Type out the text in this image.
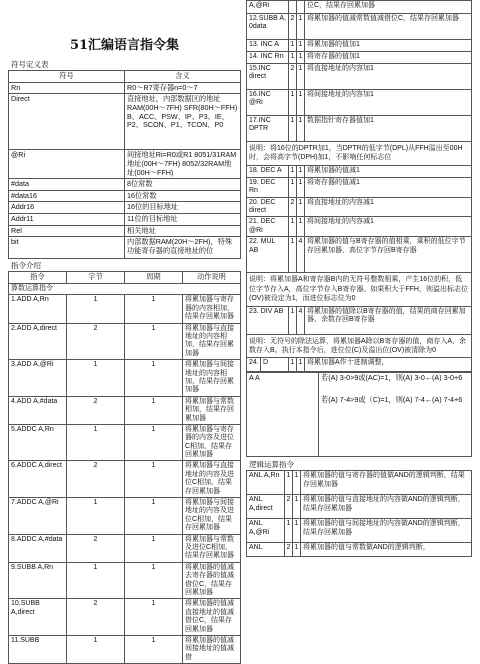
51汇编语言指令集
符号定义表
符号	含义
Rn	R0～R7寄存器n=0～7
Direct	直接地址，内部数据区的地址 RAM(00H～7FH) SFR(80H～FFH) B、ACC、PSW、IP、P3、IE、P2、SCON、P1、TCON、P0
@Ri	间接地址Ri=R0或R1 8051/31RAM地址(00H～7FH) 8052/32RAM地址(00H～FFH)
#data	8位常数
#data16	16位常数
Addr16	16位的目标地址
Addr11	11位的目标地址
Rel	相关地址
bit	内部数据RAM(20H～2FH)，特殊功能寄存器的直接地址的位
指令介绍
指令	字节	周期	动作说明
算数运算指令			
1.ADD A,Rn	1	1	将累加器与寄存器的内容相加，结果存回累加器
2.ADD A,direct	2	1	将累加器与直接地址的内容相加，结果存回累加器
3.ADD A,@Ri	1	1	将累加器与间接地址的内容相加，结果存回累加器
4.ADD A,#data	2	1	将累加器与常数相加，结果存回累加器
5.ADDC A,Rn	1	1	将累加器与寄存器的内容及进位C相加，结果存回累加器
6.ADDC A,direct	2	1	将累加器与直接地址的内容及进位C相加，结果存回累加器
7.ADDC A,@Ri	1	1	将累加器与间接地址的内容及进位C相加，结果存回累加器
8.ADDC A,#data	2	1	将累加器与常数及进位C相加，结果存回累加器
9.SUBB A,Rn	1	1	将累加器的值减去寄存器的值减借位C，结果存回累加器
10.SUBB A,direct	2	1	将累加器的值减直接地址的值减借位C，结果存回累加器
11.SUBB	1	1	将累加器的值减间接地址的值减借
A,@Ri			位C，结果存回累加器
12.SUBB A, 0data	2	1	将累加器的值减常数值减借位C，结果存回累加器
13. INC A	1	1	将累加器的值加1
14. INC Rn	1	1	将寄存器的值加1
15.INC direct	2	1	将直接地址的内容加1
16.INC @Ri	1	1	将间接地址的内容加1
17.INC DPTR	1	1	数据指针寄存器值加1
说明：将16位的DPTR加1，当DPTR的低字节(DPL)从FFH溢出至00H时，会将高字节(DPH)加1，不影响任何标志位
18. DEC A	1	1	将累加器的值减1
19. DEC Rn	1	1	将寄存器的值减1
20. DEC direct	2	1	将直接地址的内容减1
21. DEC @Ri	1	1	将间接地址的内容减1
22. MUL AB	1	4	将累加器的值与B寄存器的值相乘，乘积的低位字节存回累加器，高位字节存回B寄存器
说明：将累加器A和寄存器B内的无符号整数相乘，产生16位的积，低位字节存入A，高位字节存入B寄存器。如果积大于FFH，则溢出标志位(OV)被设定为1，而进位标志位为0
23. DIV AB	1	4	将累加器的值除以B寄存器的值，结果的商存回累加器，余数存回B寄存器
说明：无符号的除法运算，将累加器A除以B寄存器的值，商存入A，余数存入B。执行本指令后，进位位(C)及溢出位(OV)被清除为0
24.	D	1	1	将累加器A作十进制调整，
A A	若(A) 3-0>9或(AC)=1，则(A) 3-0←(A) 3-0+6
若(A) 7-4>9或（C)=1，则(A) 7-4←(A) 7-4+6
逻辑运算指令
ANL A,Rn	1	1	将累加器的值与寄存器的值做AND的逻辑判断，结果存回累加器
ANL A,direct	2	1	将累加器的值与直接地址的内容做AND的逻辑判断，结果存回累加器
ANL A,@Ri	1	1	将累加器的值与间接地址的内容做AND的逻辑判断，结果存回累加器
ANL	2	1	将累加器的值与常数做AND的逻辑判断，
